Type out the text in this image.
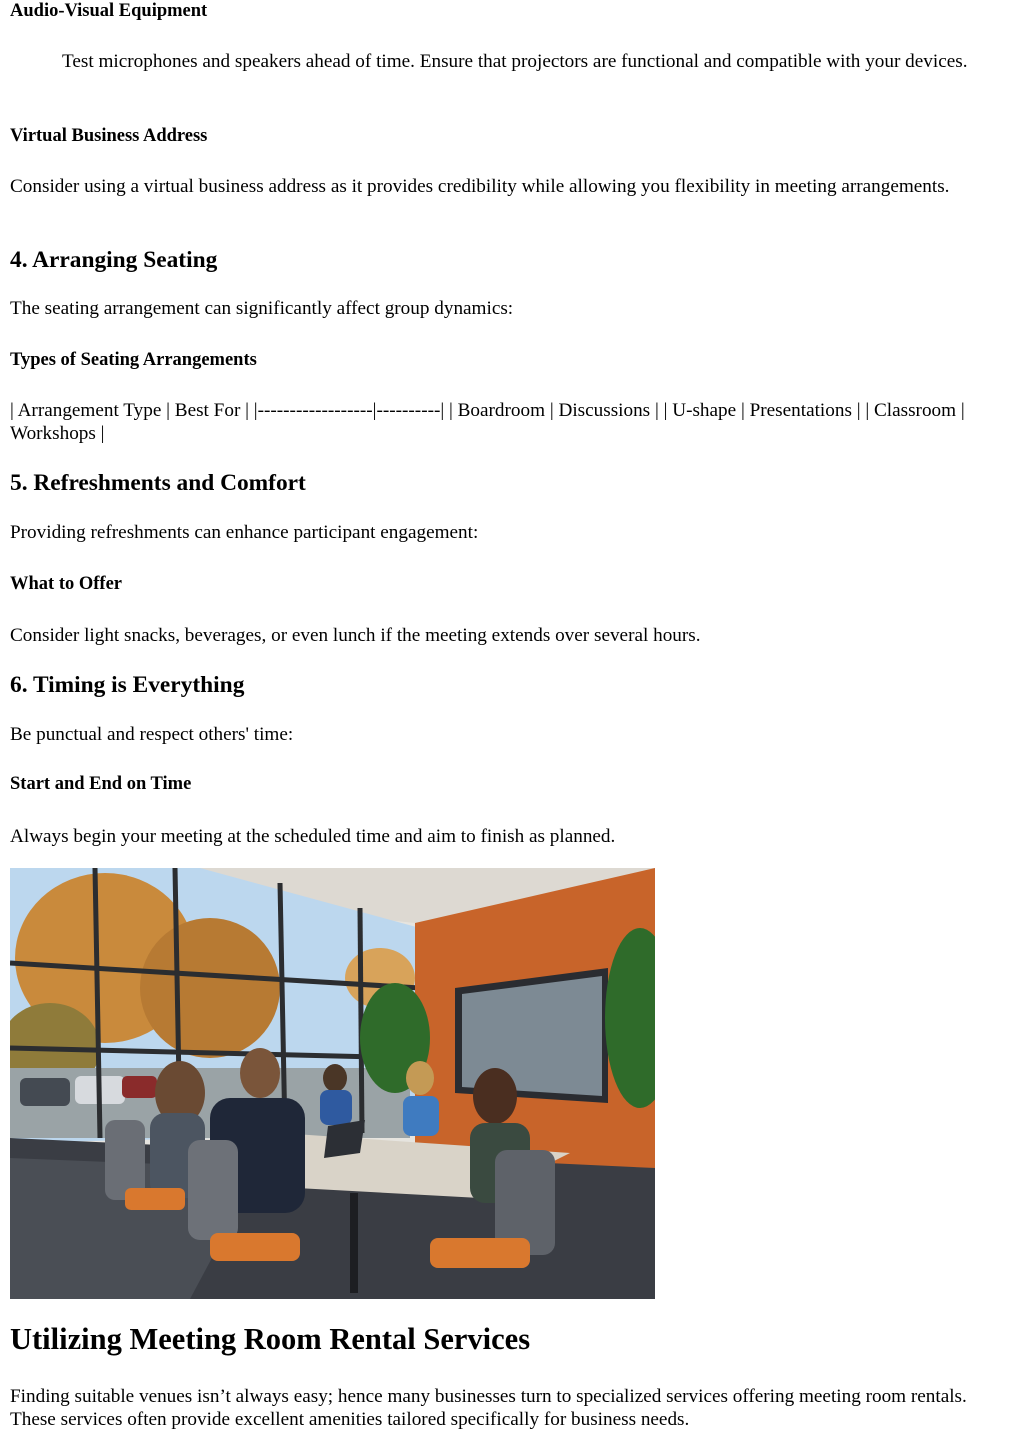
Audio-Visual Equipment

Test microphones and speakers ahead of time. Ensure that projectors are functional and compatible with your devices.

Virtual Business Address

Consider using a virtual business address as it provides credibility while allowing you flexibility in meeting arrangements.

4. Arranging Seating

The seating arrangement can significantly affect group dynamics:

Types of Seating Arrangements

| Arrangement Type | Best For | |------------------|----------| | Boardroom | Discussions | | U-shape | Presentations | | Classroom | Workshops |

5. Refreshments and Comfort

Providing refreshments can enhance participant engagement:

What to Offer

Consider light snacks, beverages, or even lunch if the meeting extends over several hours.

6. Timing is Everything

Be punctual and respect others' time:

Start and End on Time

Always begin your meeting at the scheduled time and aim to finish as planned.

Utilizing Meeting Room Rental Services

Finding suitable venues isn’t always easy; hence many businesses turn to specialized services offering meeting room rentals. These services often provide excellent amenities tailored specifically for business needs.
